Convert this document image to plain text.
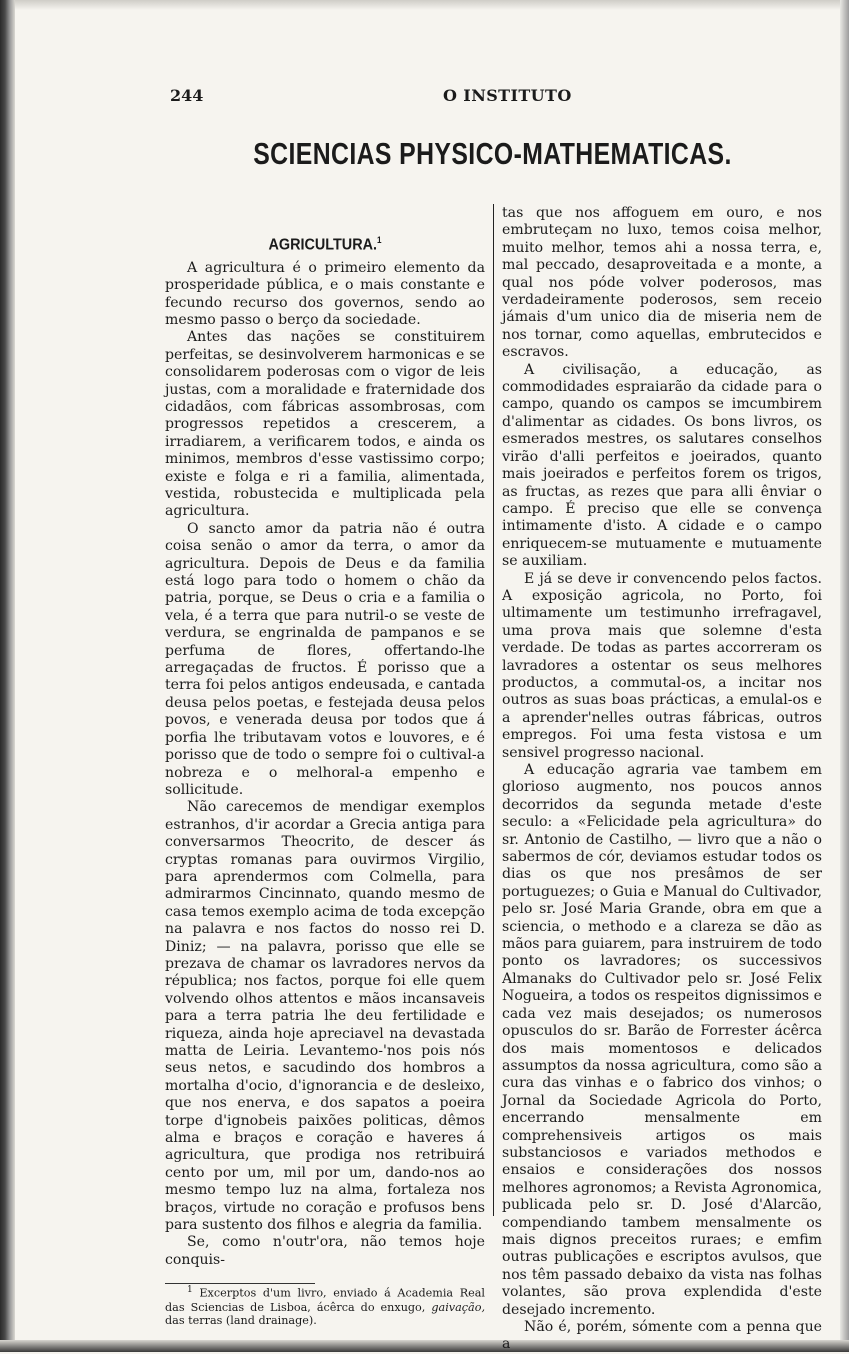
244	O INSTITUTO
SCIENCIAS PHYSICO-MATHEMATICAS.
AGRICULTURA.$^1$

A agricultura é o primeiro elemento da prosperidade pública, e o mais constante e fecundo recurso dos governos, sendo ao mesmo passo o berço da sociedade.

Antes das nações se constituirem perfeitas, se desinvolverem harmonicas e se consolidarem poderosas com o vigor de leis justas, com a moralidade e fraternidade dos cidadãos, com fábricas assombrosas, com progressos repetidos a crescerem, a irradiarem, a verificarem todos, e ainda os minimos, membros d'esse vastissimo corpo; existe e folga e ri a familia, alimentada, vestida, robustecida e multiplicada pela agricultura.

O sancto amor da patria não é outra coisa senão o amor da terra, o amor da agricultura. Depois de Deus e da familia está logo para todo o homem o chão da patria, porque, se Deus o cria e a familia o vela, é a terra que para nutril-o se veste de verdura, se engrinalda de pampanos e se perfuma de flores, offertando-lhe arregaçadas de fructos. É porisso que a terra foi pelos antigos endeusada, e cantada deusa pelos poetas, e festejada deusa pelos povos, e venerada deusa por todos que á porfia lhe tributavam votos e louvores, e é porisso que de todo o sempre foi o cultival-a nobreza e o melhoral-a empenho e sollicitude.

Não carecemos de mendigar exemplos estranhos, d'ir acordar a Grecia antiga para conversarmos Theocrito, de descer ás cryptas romanas para ouvirmos Virgilio, para aprendermos com Colmella, para admirarmos Cincinnato, quando mesmo de casa temos exemplo acima de toda excepção na palavra e nos factos do nosso rei D. Diniz; — na palavra, porisso que elle se prezava de chamar os lavradores nervos da républica; nos factos, porque foi elle quem volvendo olhos attentos e mãos incansaveis para a terra patria lhe deu fertilidade e riqueza, ainda hoje apreciavel na devastada matta de Leiria. Levantemo-'nos pois nós seus netos, e sacudindo dos hombros a mortalha d'ocio, d'ignorancia e de desleixo, que nos enerva, e dos sapatos a poeira torpe d'ignobeis paixões politicas, dêmos alma e braços e coração e haveres á agricultura, que prodiga nos retribuirá cento por um, mil por um, dando-nos ao mesmo tempo luz na alma, fortaleza nos braços, virtude no coração e profusos bens para sustento dos filhos e alegria da familia.

Se, como n'outr'ora, não temos hoje conquis-

$^1$ Excerptos d'um livro, enviado á Academia Real das Sciencias de Lisboa, ácêrca do enxugo, gaivação, das terras (land drainage).

tas que nos affoguem em ouro, e nos embruteçam no luxo, temos coisa melhor, muito melhor, temos ahi a nossa terra, e, mal peccado, desaproveitada e a monte, a qual nos póde volver poderosos, mas verdadeiramente poderosos, sem receio jámais d'um unico dia de miseria nem de nos tornar, como aquellas, embrutecidos e escravos.

A civilisação, a educação, as commodidades espraiarão da cidade para o campo, quando os campos se imcumbirem d'alimentar as cidades. Os bons livros, os esmerados mestres, os salutares conselhos virão d'alli perfeitos e joeirados, quanto mais joeirados e perfeitos forem os trigos, as fructas, as rezes que para alli ênviar o campo. É preciso que elle se convença intimamente d'isto. A cidade e o campo enriquecem-se mutuamente e mutuamente se auxiliam.

E já se deve ir convencendo pelos factos. A exposição agricola, no Porto, foi ultimamente um testimunho irrefragavel, uma prova mais que solemne d'esta verdade. De todas as partes accorreram os lavradores a ostentar os seus melhores productos, a commutal-os, a incitar nos outros as suas boas prácticas, a emulal-os e a aprender'nelles outras fábricas, outros empregos. Foi uma festa vistosa e um sensivel progresso nacional.

A educação agraria vae tambem em glorioso augmento, nos poucos annos decorridos da segunda metade d'este seculo: a «Felicidade pela agricultura» do sr. Antonio de Castilho, — livro que a não o sabermos de cór, deviamos estudar todos os dias os que nos presâmos de ser portuguezes; o Guia e Manual do Cultivador, pelo sr. José Maria Grande, obra em que a sciencia, o methodo e a clareza se dão as mãos para guiarem, para instruirem de todo ponto os lavradores; os successivos Almanaks do Cultivador pelo sr. José Felix Nogueira, a todos os respeitos dignissimos e cada vez mais desejados; os numerosos opusculos do sr. Barão de Forrester ácêrca dos mais momentosos e delicados assumptos da nossa agricultura, como são a cura das vinhas e o fabrico dos vinhos; o Jornal da Sociedade Agricola do Porto, encerrando mensalmente em comprehensiveis artigos os mais substanciosos e variados methodos e ensaios e considerações dos nossos melhores agronomos; a Revista Agronomica, publicada pelo sr. D. José d'Alarcão, compendiando tambem mensalmente os mais dignos preceitos ruraes; e emfim outras publicações e escriptos avulsos, que nos têm passado debaixo da vista nas folhas volantes, são prova explendida d'este desejado incremento.

Não é, porém, sómente com a penna que a
